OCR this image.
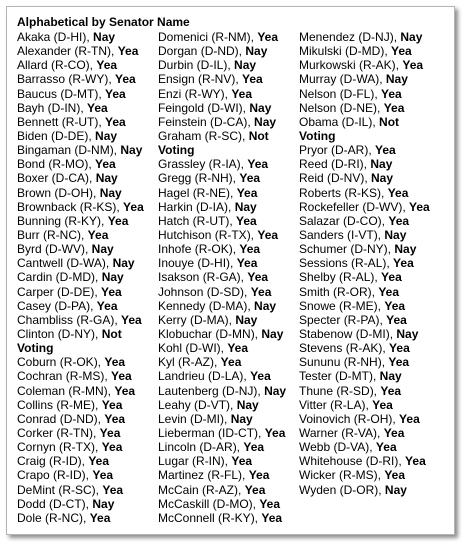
Alphabetical by Senator Name
Akaka (D-HI), Nay
Alexander (R-TN), Yea
Allard (R-CO), Yea
Barrasso (R-WY), Yea
Baucus (D-MT), Yea
Bayh (D-IN), Yea
Bennett (R-UT), Yea
Biden (D-DE), Nay
Bingaman (D-NM), Nay
Bond (R-MO), Yea
Boxer (D-CA), Nay
Brown (D-OH), Nay
Brownback (R-KS), Yea
Bunning (R-KY), Yea
Burr (R-NC), Yea
Byrd (D-WV), Nay
Cantwell (D-WA), Nay
Cardin (D-MD), Nay
Carper (D-DE), Yea
Casey (D-PA), Yea
Chambliss (R-GA), Yea
Clinton (D-NY), Not
Voting
Coburn (R-OK), Yea
Cochran (R-MS), Yea
Coleman (R-MN), Yea
Collins (R-ME), Yea
Conrad (D-ND), Yea
Corker (R-TN), Yea
Cornyn (R-TX), Yea
Craig (R-ID), Yea
Crapo (R-ID), Yea
DeMint (R-SC), Yea
Dodd (D-CT), Nay
Dole (R-NC), Yea
Domenici (R-NM), Yea
Dorgan (D-ND), Nay
Durbin (D-IL), Nay
Ensign (R-NV), Yea
Enzi (R-WY), Yea
Feingold (D-WI), Nay
Feinstein (D-CA), Nay
Graham (R-SC), Not
Voting
Grassley (R-IA), Yea
Gregg (R-NH), Yea
Hagel (R-NE), Yea
Harkin (D-IA), Nay
Hatch (R-UT), Yea
Hutchison (R-TX), Yea
Inhofe (R-OK), Yea
Inouye (D-HI), Yea
Isakson (R-GA), Yea
Johnson (D-SD), Yea
Kennedy (D-MA), Nay
Kerry (D-MA), Nay
Klobuchar (D-MN), Nay
Kohl (D-WI), Yea
Kyl (R-AZ), Yea
Landrieu (D-LA), Yea
Lautenberg (D-NJ), Nay
Leahy (D-VT), Nay
Levin (D-MI), Nay
Lieberman (ID-CT), Yea
Lincoln (D-AR), Yea
Lugar (R-IN), Yea
Martinez (R-FL), Yea
McCain (R-AZ), Yea
McCaskill (D-MO), Yea
McConnell (R-KY), Yea
Menendez (D-NJ), Nay
Mikulski (D-MD), Yea
Murkowski (R-AK), Yea
Murray (D-WA), Nay
Nelson (D-FL), Yea
Nelson (D-NE), Yea
Obama (D-IL), Not
Voting
Pryor (D-AR), Yea
Reed (D-RI), Nay
Reid (D-NV), Nay
Roberts (R-KS), Yea
Rockefeller (D-WV), Yea
Salazar (D-CO), Yea
Sanders (I-VT), Nay
Schumer (D-NY), Nay
Sessions (R-AL), Yea
Shelby (R-AL), Yea
Smith (R-OR), Yea
Snowe (R-ME), Yea
Specter (R-PA), Yea
Stabenow (D-MI), Nay
Stevens (R-AK), Yea
Sununu (R-NH), Yea
Tester (D-MT), Nay
Thune (R-SD), Yea
Vitter (R-LA), Yea
Voinovich (R-OH), Yea
Warner (R-VA), Yea
Webb (D-VA), Yea
Whitehouse (D-RI), Yea
Wicker (R-MS), Yea
Wyden (D-OR), Nay
